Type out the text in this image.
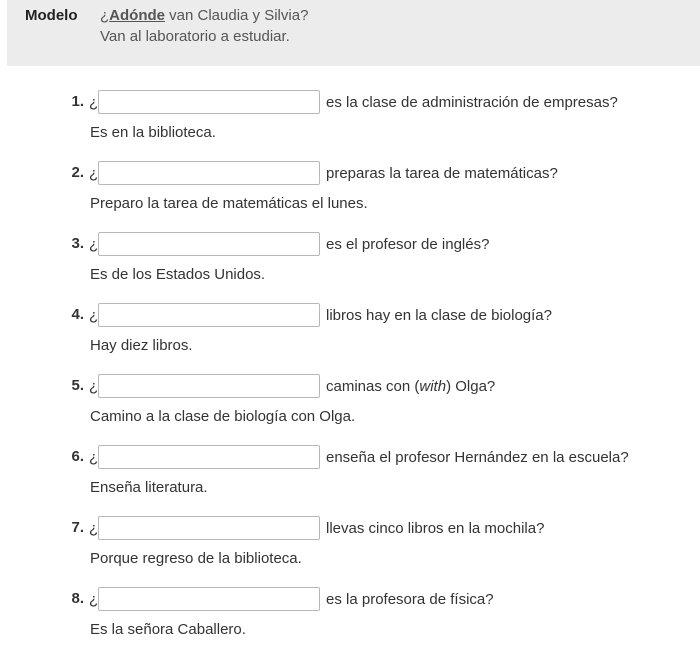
Modelo ¿Adónde van Claudia y Silvia?
Van al laboratorio a estudiar.
1. ¿	es la clase de administración de empresas?
Es en la biblioteca.
2. ¿	preparas la tarea de matemáticas?
Preparo la tarea de matemáticas el lunes.
3. ¿	es el profesor de inglés?
Es de los Estados Unidos.
4. ¿	libros hay en la clase de biología?
Hay diez libros.
5. ¿	caminas con (with) Olga?
Camino a la clase de biología con Olga.
6. ¿	enseña el profesor Hernández en la escuela?
Enseña literatura.
7. ¿	llevas cinco libros en la mochila?
Porque regreso de la biblioteca.
8. ¿	es la profesora de física?
Es la señora Caballero.
